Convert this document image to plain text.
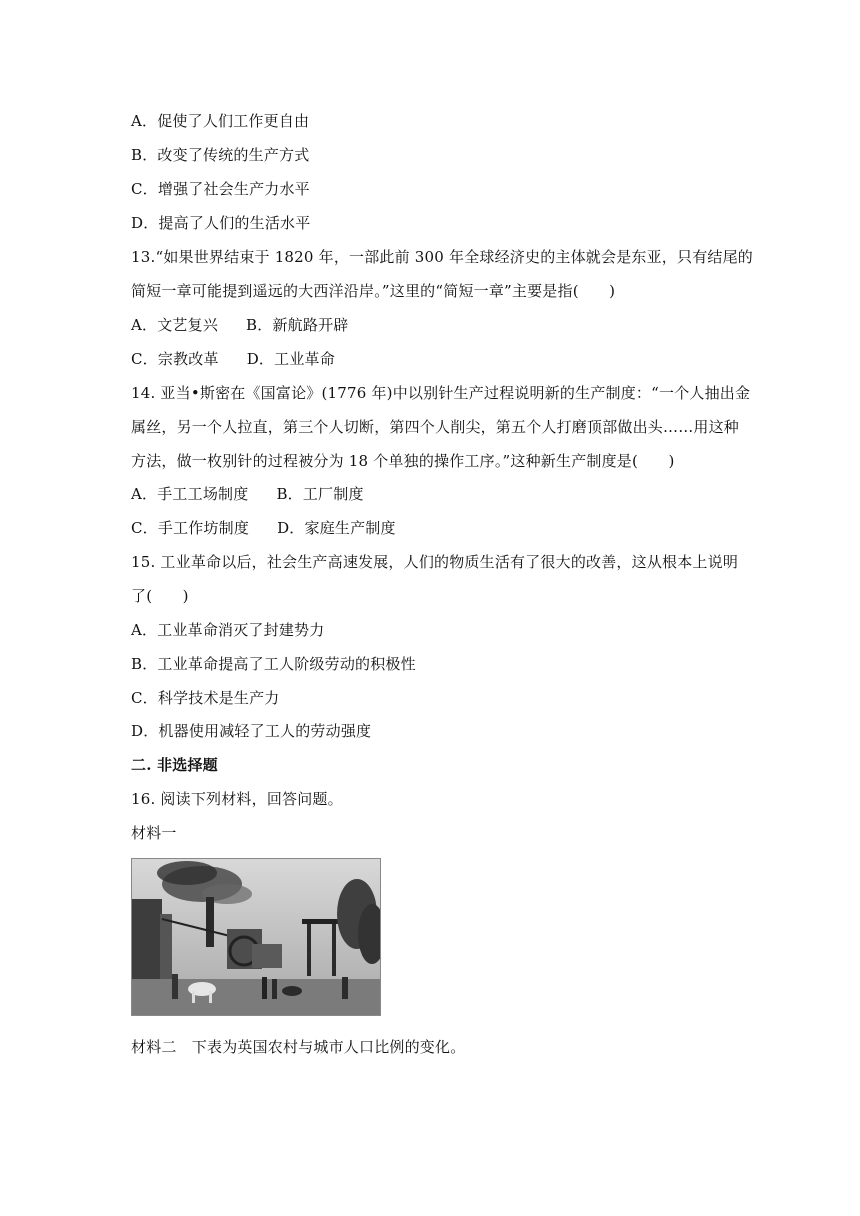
A．促使了人们工作更自由
B．改变了传统的生产方式
C．增强了社会生产力水平
D．提高了人们的生活水平
13.“如果世界结束于 1820 年，一部此前 300 年全球经济史的主体就会是东亚，只有结尾的
简短一章可能提到遥远的大西洋沿岸。”这里的“简短一章”主要是指(　　)
A．文艺复兴 B．新航路开辟
C．宗教改革 D．工业革命
14. 亚当•斯密在《国富论》(1776 年)中以别针生产过程说明新的生产制度：“一个人抽出金
属丝，另一个人拉直，第三个人切断，第四个人削尖，第五个人打磨顶部做出头……用这种
方法，做一枚别针的过程被分为 18 个单独的操作工序。”这种新生产制度是(　　)
A．手工工场制度 B．工厂制度
C．手工作坊制度 D．家庭生产制度
15. 工业革命以后，社会生产高速发展，人们的物质生活有了很大的改善，这从根本上说明
了(　　)
A．工业革命消灭了封建势力
B．工业革命提高了工人阶级劳动的积极性
C．科学技术是生产力
D．机器使用减轻了工人的劳动强度
二. 非选择题
16. 阅读下列材料，回答问题。
材料一
材料二　下表为英国农村与城市人口比例的变化。
